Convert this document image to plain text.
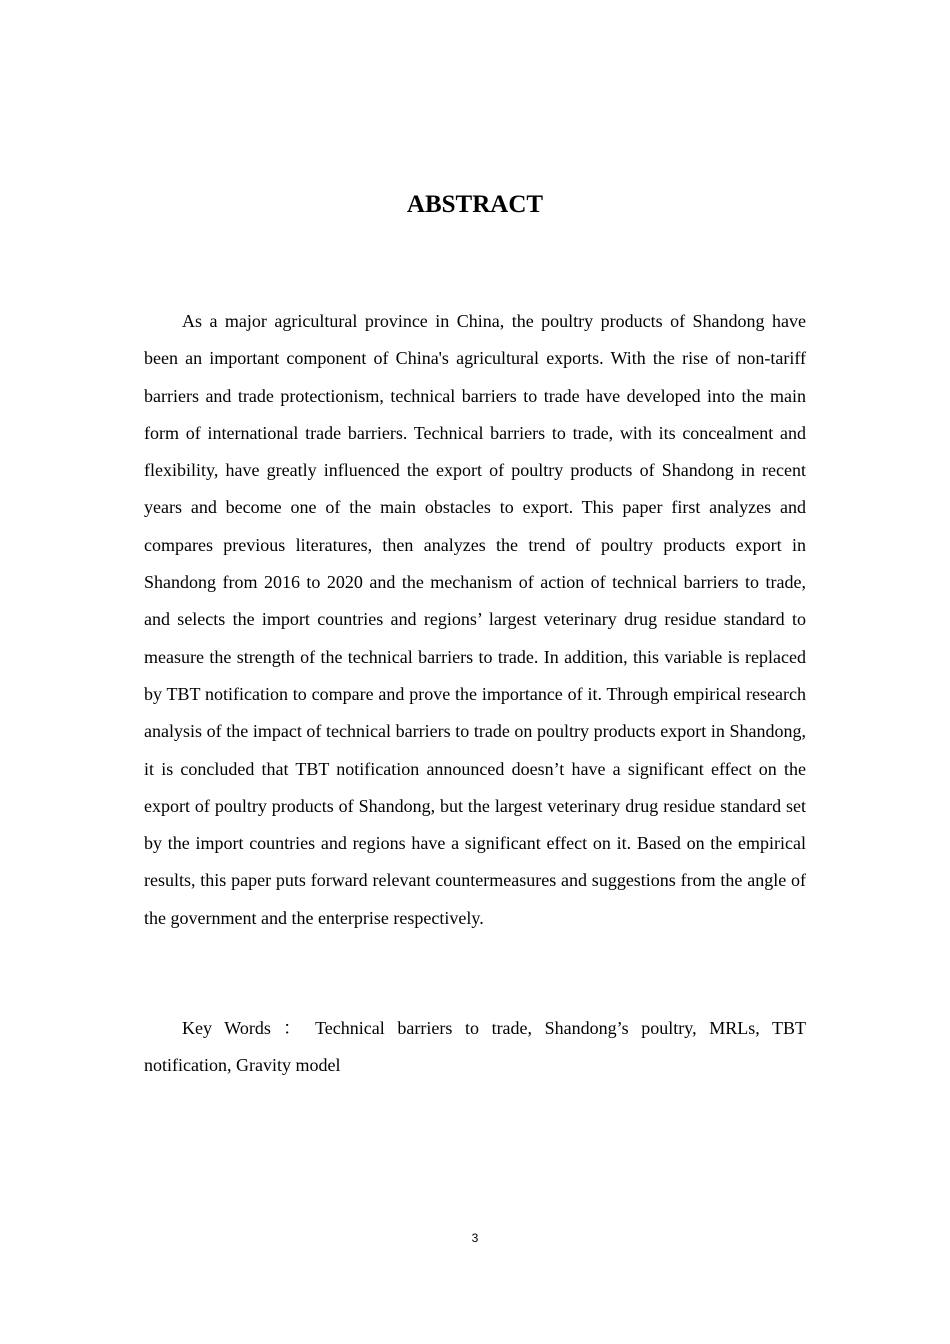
ABSTRACT

As a major agricultural province in China, the poultry products of Shandong have been an important component of China's agricultural exports. With the rise of non-tariff barriers and trade protectionism, technical barriers to trade have developed into the main form of international trade barriers. Technical barriers to trade, with its concealment and flexibility, have greatly influenced the export of poultry products of Shandong in recent years and become one of the main obstacles to export. This paper first analyzes and compares previous literatures, then analyzes the trend of poultry products export in Shandong from 2016 to 2020 and the mechanism of action of technical barriers to trade, and selects the import countries and regions’ largest veterinary drug residue standard to measure the strength of the technical barriers to trade. In addition, this variable is replaced by TBT notification to compare and prove the importance of it. Through empirical research analysis of the impact of technical barriers to trade on poultry products export in Shandong, it is concluded that TBT notification announced doesn’t have a significant effect on the export of poultry products of Shandong, but the largest veterinary drug residue standard set by the import countries and regions have a significant effect on it. Based on the empirical results, this paper puts forward relevant countermeasures and suggestions from the angle of the government and the enterprise respectively.

Key Words ： Technical barriers to trade, Shandong’s poultry, MRLs, TBT notification, Gravity model

3
